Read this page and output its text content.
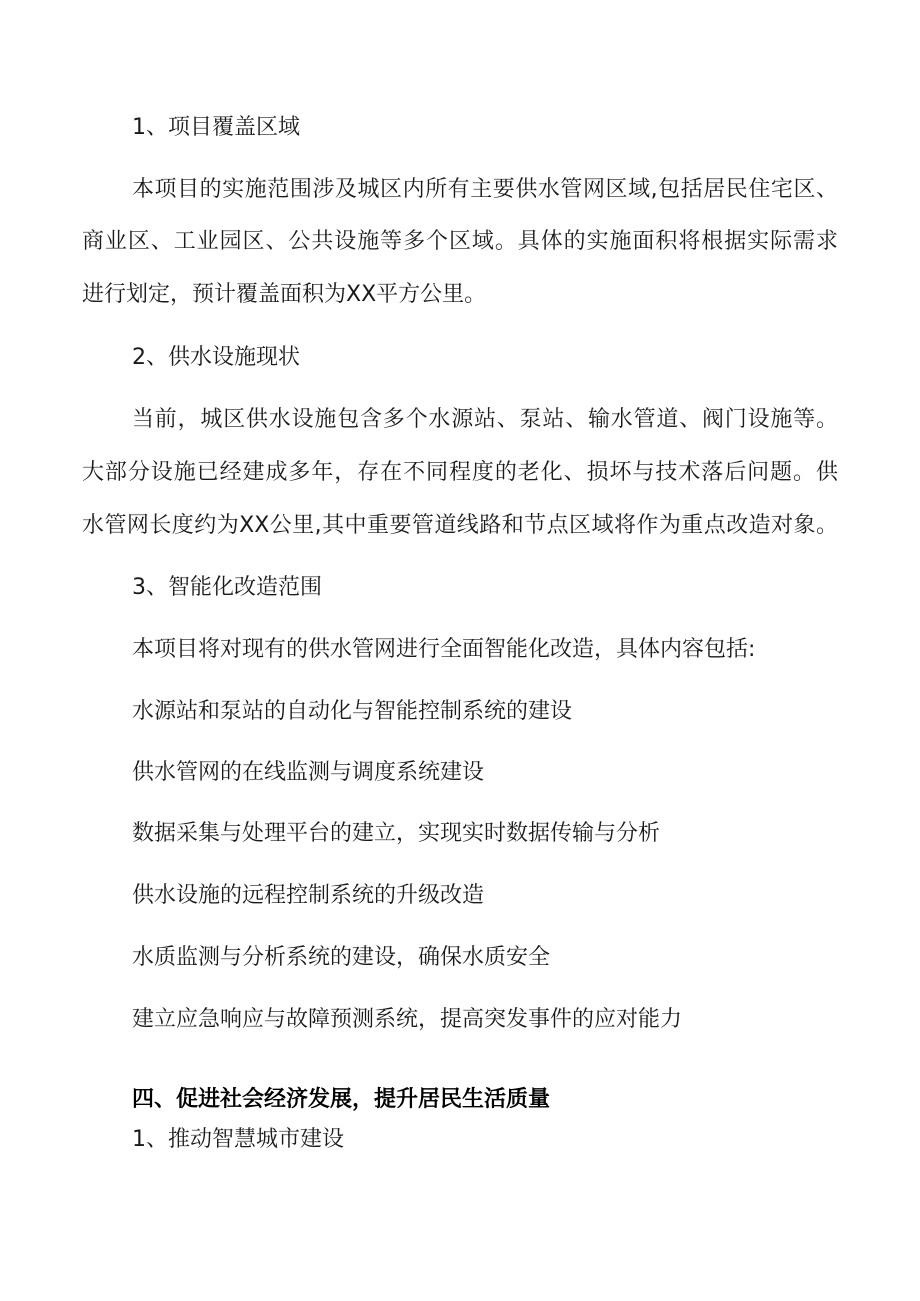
1、项目覆盖区域
本项目的实施范围涉及城区内所有主要供水管网区域,包括居民住宅区、
商业区、工业园区、公共设施等多个区域。具体的实施面积将根据实际需求
进行划定，预计覆盖面积为XX平方公里。
2、供水设施现状
当前，城区供水设施包含多个水源站、泵站、输水管道、阀门设施等。
大部分设施已经建成多年，存在不同程度的老化、损坏与技术落后问题。供
水管网长度约为XX公里,其中重要管道线路和节点区域将作为重点改造对象。
3、智能化改造范围
本项目将对现有的供水管网进行全面智能化改造，具体内容包括:
水源站和泵站的自动化与智能控制系统的建设
供水管网的在线监测与调度系统建设
数据采集与处理平台的建立，实现实时数据传输与分析
供水设施的远程控制系统的升级改造
水质监测与分析系统的建设，确保水质安全
建立应急响应与故障预测系统，提高突发事件的应对能力
四、促进社会经济发展，提升居民生活质量
1、推动智慧城市建设
